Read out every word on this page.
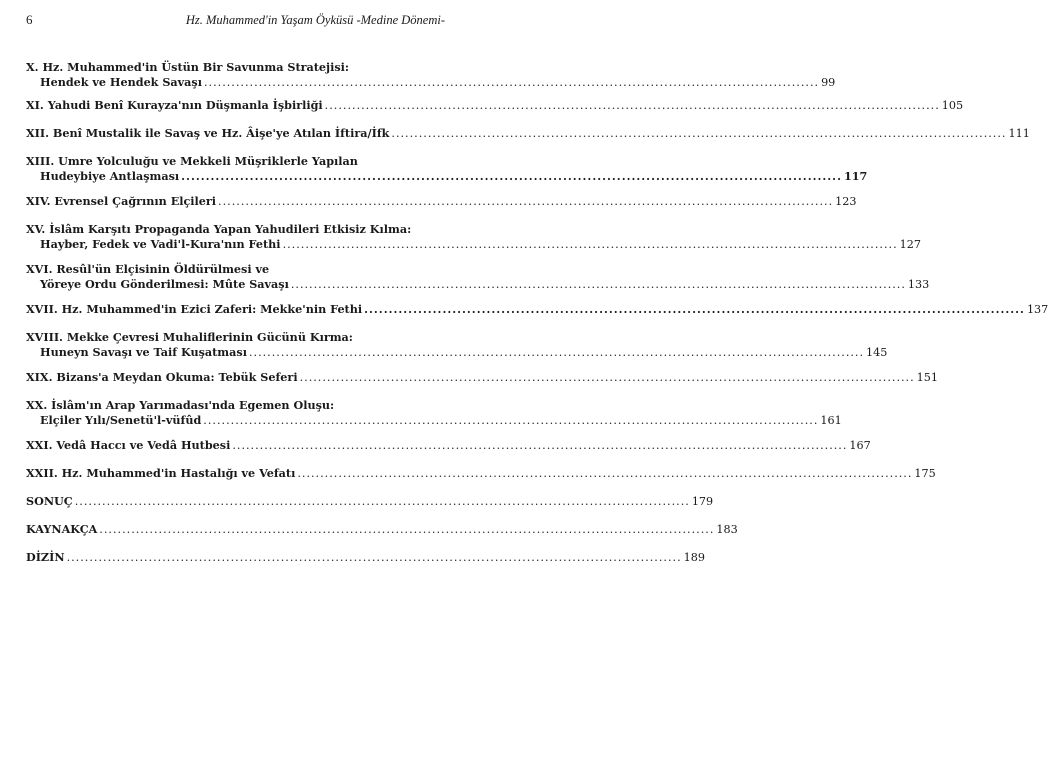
6	Hz. Muhammed'in Yaşam Öyküsü -Medine Dönemi-
X. Hz. Muhammed'in Üstün Bir Savunma Stratejisi:
Hendek ve Hendek Savaşı ....................................................................................................................................... 99
XI. Yahudi Benî Kurayza'nın Düşmanla İşbirliği ....................................................................................................................................... 105
XII. Benî Mustalik ile Savaş ve Hz. Âişe'ye Atılan İftira/İfk ....................................................................................................................................... 111
XIII. Umre Yolculuğu ve Mekkeli Müşriklerle Yapılan
Hudeybiye Antlaşması ....................................................................................................................................... 117
XIV. Evrensel Çağrının Elçileri ....................................................................................................................................... 123
XV. İslâm Karşıtı Propaganda Yapan Yahudileri Etkisiz Kılma:
Hayber, Fedek ve Vadi'l-Kura'nın Fethi ....................................................................................................................................... 127
XVI. Resûl'ün Elçisinin Öldürülmesi ve
Yöreye Ordu Gönderilmesi: Mûte Savaşı ....................................................................................................................................... 133
XVII. Hz. Muhammed'in Ezici Zaferi: Mekke'nin Fethi ....................................................................................................................................... 137
XVIII. Mekke Çevresi Muhaliflerinin Gücünü Kırma:
Huneyn Savaşı ve Taif Kuşatması ....................................................................................................................................... 145
XIX. Bizans'a Meydan Okuma: Tebük Seferi ....................................................................................................................................... 151
XX. İslâm'ın Arap Yarımadası'nda Egemen Oluşu:
Elçiler Yılı/Senetü'l-vüfûd ....................................................................................................................................... 161
XXI. Vedâ Haccı ve Vedâ Hutbesi ....................................................................................................................................... 167
XXII. Hz. Muhammed'in Hastalığı ve Vefatı ....................................................................................................................................... 175
SONUÇ ....................................................................................................................................... 179
KAYNAKÇA ....................................................................................................................................... 183
DİZİN ....................................................................................................................................... 189
